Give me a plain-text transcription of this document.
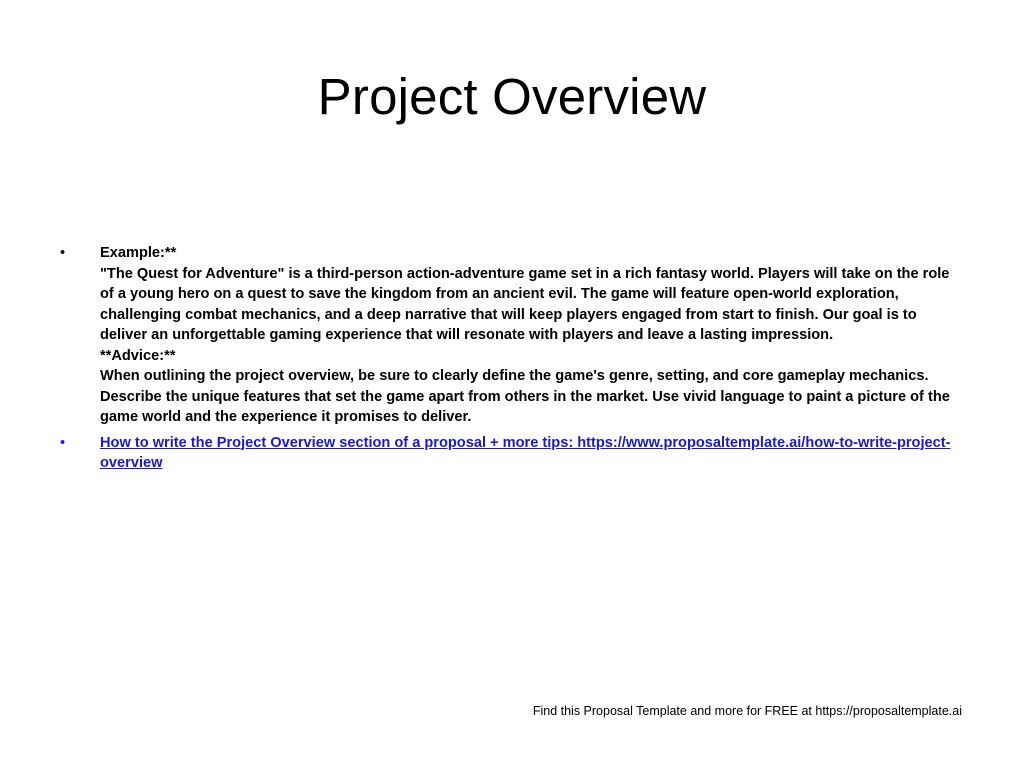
Project Overview
•	Example:**
"The Quest for Adventure" is a third-person action-adventure game set in a rich fantasy world. Players will take on the role of a young hero on a quest to save the kingdom from an ancient evil. The game will feature open-world exploration, challenging combat mechanics, and a deep narrative that will keep players engaged from start to finish. Our goal is to deliver an unforgettable gaming experience that will resonate with players and leave a lasting impression.
**Advice:**
When outlining the project overview, be sure to clearly define the game's genre, setting, and core gameplay mechanics. Describe the unique features that set the game apart from others in the market. Use vivid language to paint a picture of the game world and the experience it promises to deliver.
•	How to write the Project Overview section of a proposal + more tips: https://www.proposaltemplate.ai/how-to-write-project-overview
Find this Proposal Template and more for FREE at https://proposaltemplate.ai
